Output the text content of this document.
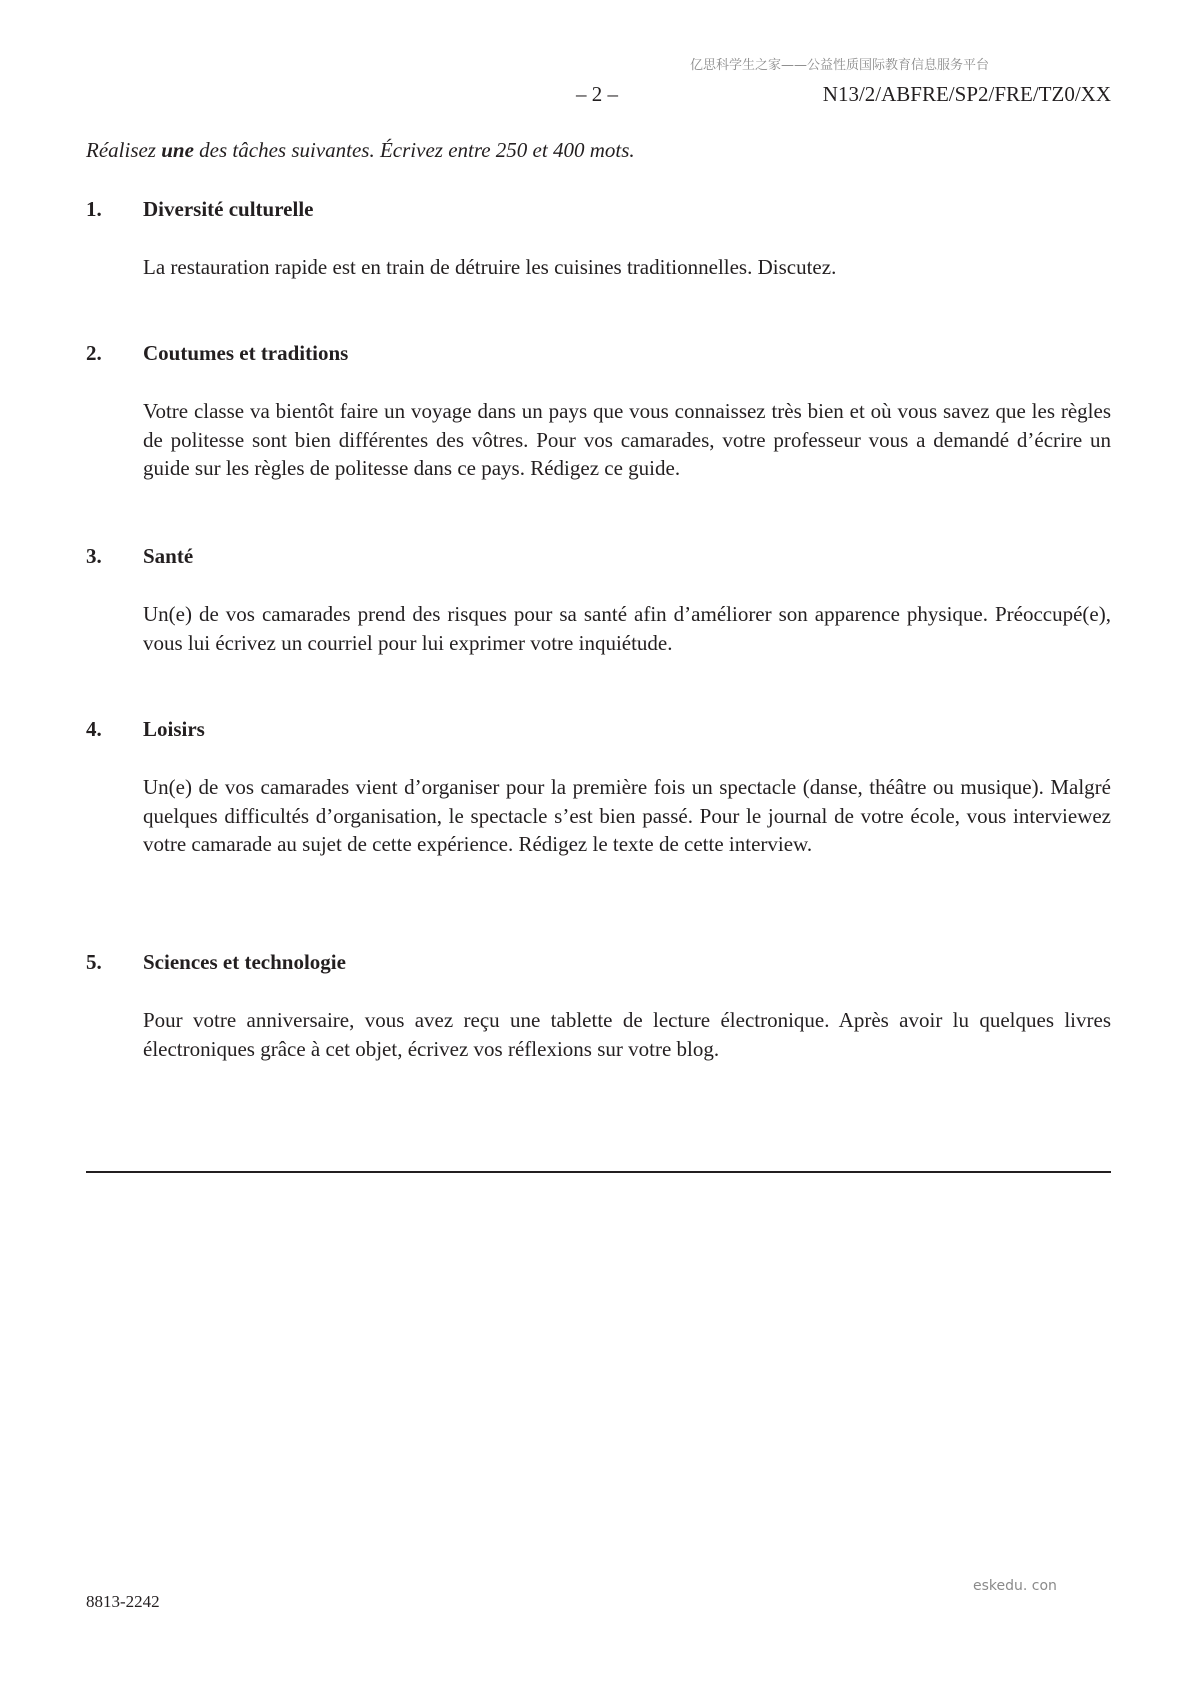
亿思科学生之家——公益性质国际教育信息服务平台
– 2 –	N13/2/ABFRE/SP2/FRE/TZ0/XX
Réalisez une des tâches suivantes. Écrivez entre 250 et 400 mots.
1. Diversité culturelle
La restauration rapide est en train de détruire les cuisines traditionnelles. Discutez.
2. Coutumes et traditions
Votre classe va bientôt faire un voyage dans un pays que vous connaissez très bien et où vous savez que les règles de politesse sont bien différentes des vôtres. Pour vos camarades, votre professeur vous a demandé d’écrire un guide sur les règles de politesse dans ce pays. Rédigez ce guide.
3. Santé
Un(e) de vos camarades prend des risques pour sa santé afin d’améliorer son apparence physique. Préoccupé(e), vous lui écrivez un courriel pour lui exprimer votre inquiétude.
4. Loisirs
Un(e) de vos camarades vient d’organiser pour la première fois un spectacle (danse, théâtre ou musique). Malgré quelques difficultés d’organisation, le spectacle s’est bien passé. Pour le journal de votre école, vous interviewez votre camarade au sujet de cette expérience. Rédigez le texte de cette interview.
5. Sciences et technologie
Pour votre anniversaire, vous avez reçu une tablette de lecture électronique. Après avoir lu quelques livres électroniques grâce à cet objet, écrivez vos réflexions sur votre blog.
eskedu. con
8813-2242
